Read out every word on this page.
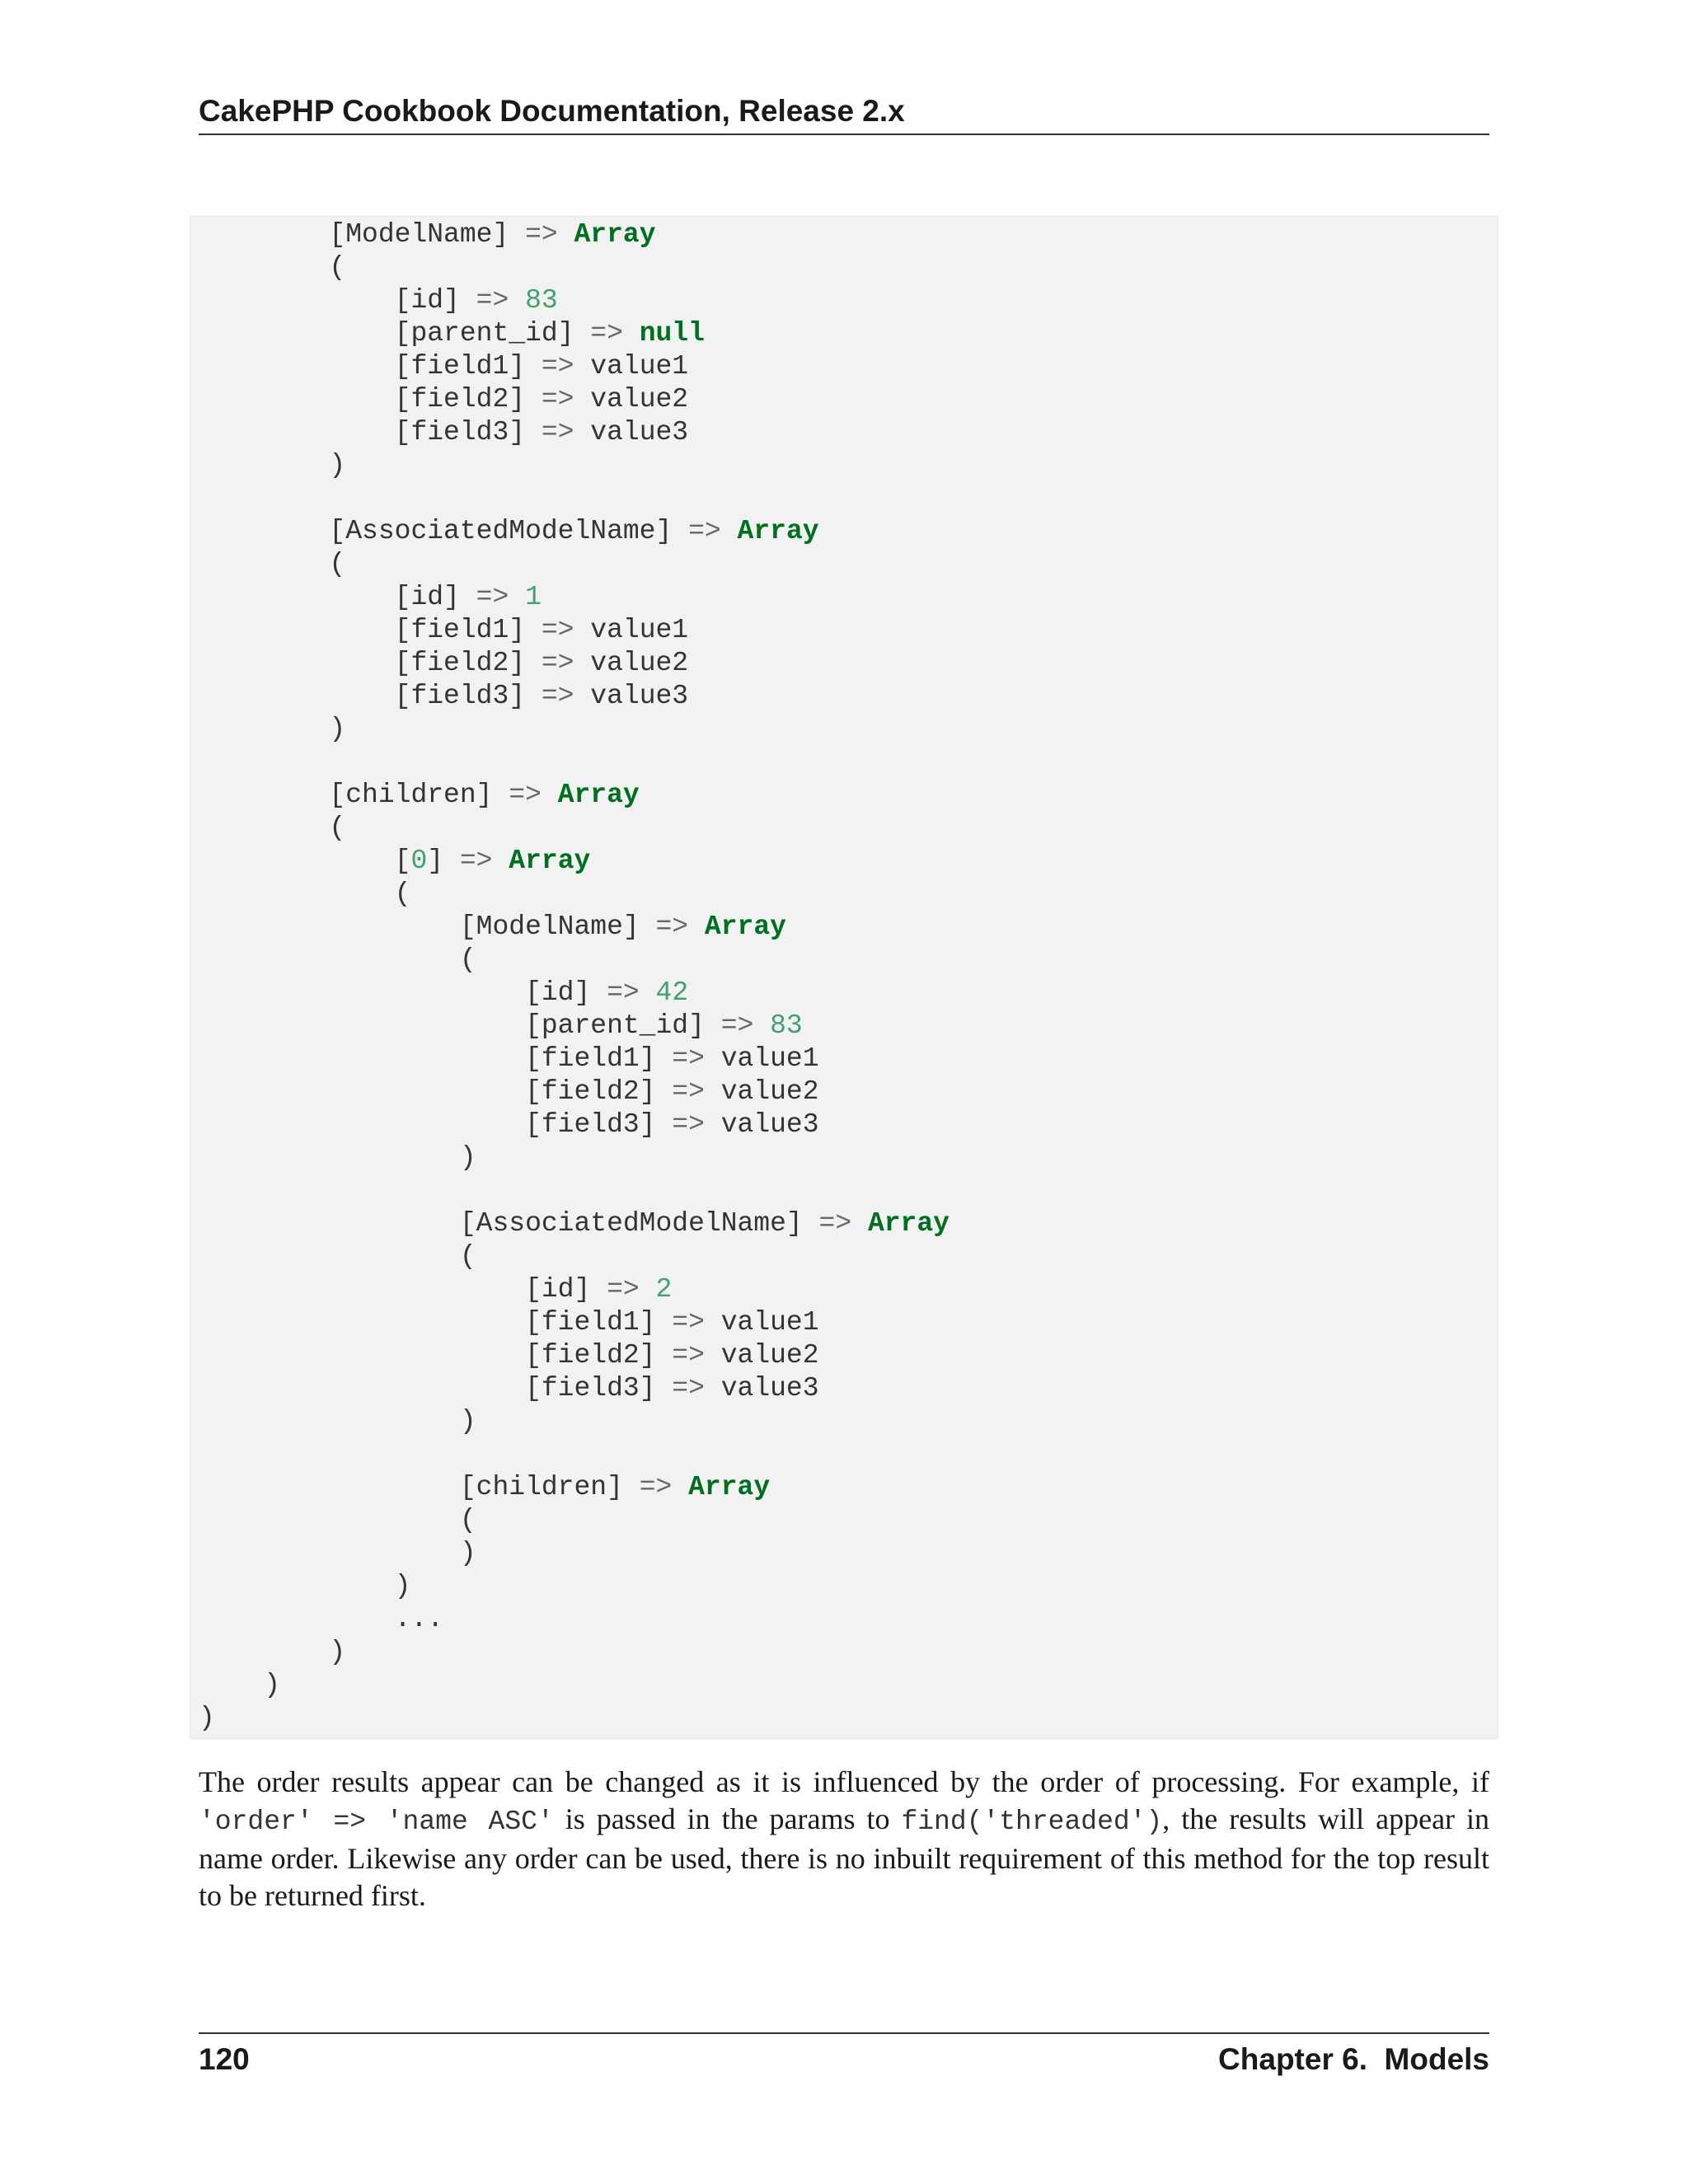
CakePHP Cookbook Documentation, Release 2.x
[ModelName] => Array
(
[id] => 83
[parent_id] => null
[field1] => value1
[field2] => value2
[field3] => value3
)
[AssociatedModelName] => Array
(
[id] => 1
[field1] => value1
[field2] => value2
[field3] => value3
)
[children] => Array
(
[0] => Array
(
[ModelName] => Array
(
[id] => 42
[parent_id] => 83
[field1] => value1
[field2] => value2
[field3] => value3
)
[AssociatedModelName] => Array
(
[id] => 2
[field1] => value1
[field2] => value2
[field3] => value3
)
[children] => Array
(
)
)
...
)
)
)

The order results appear can be changed as it is influenced by the order of processing. For example, if 'order' => 'name ASC' is passed in the params to find('threaded'), the results will appear in name order. Likewise any order can be used, there is no inbuilt requirement of this method for the top result to be returned first.

120	Chapter 6.  Models
